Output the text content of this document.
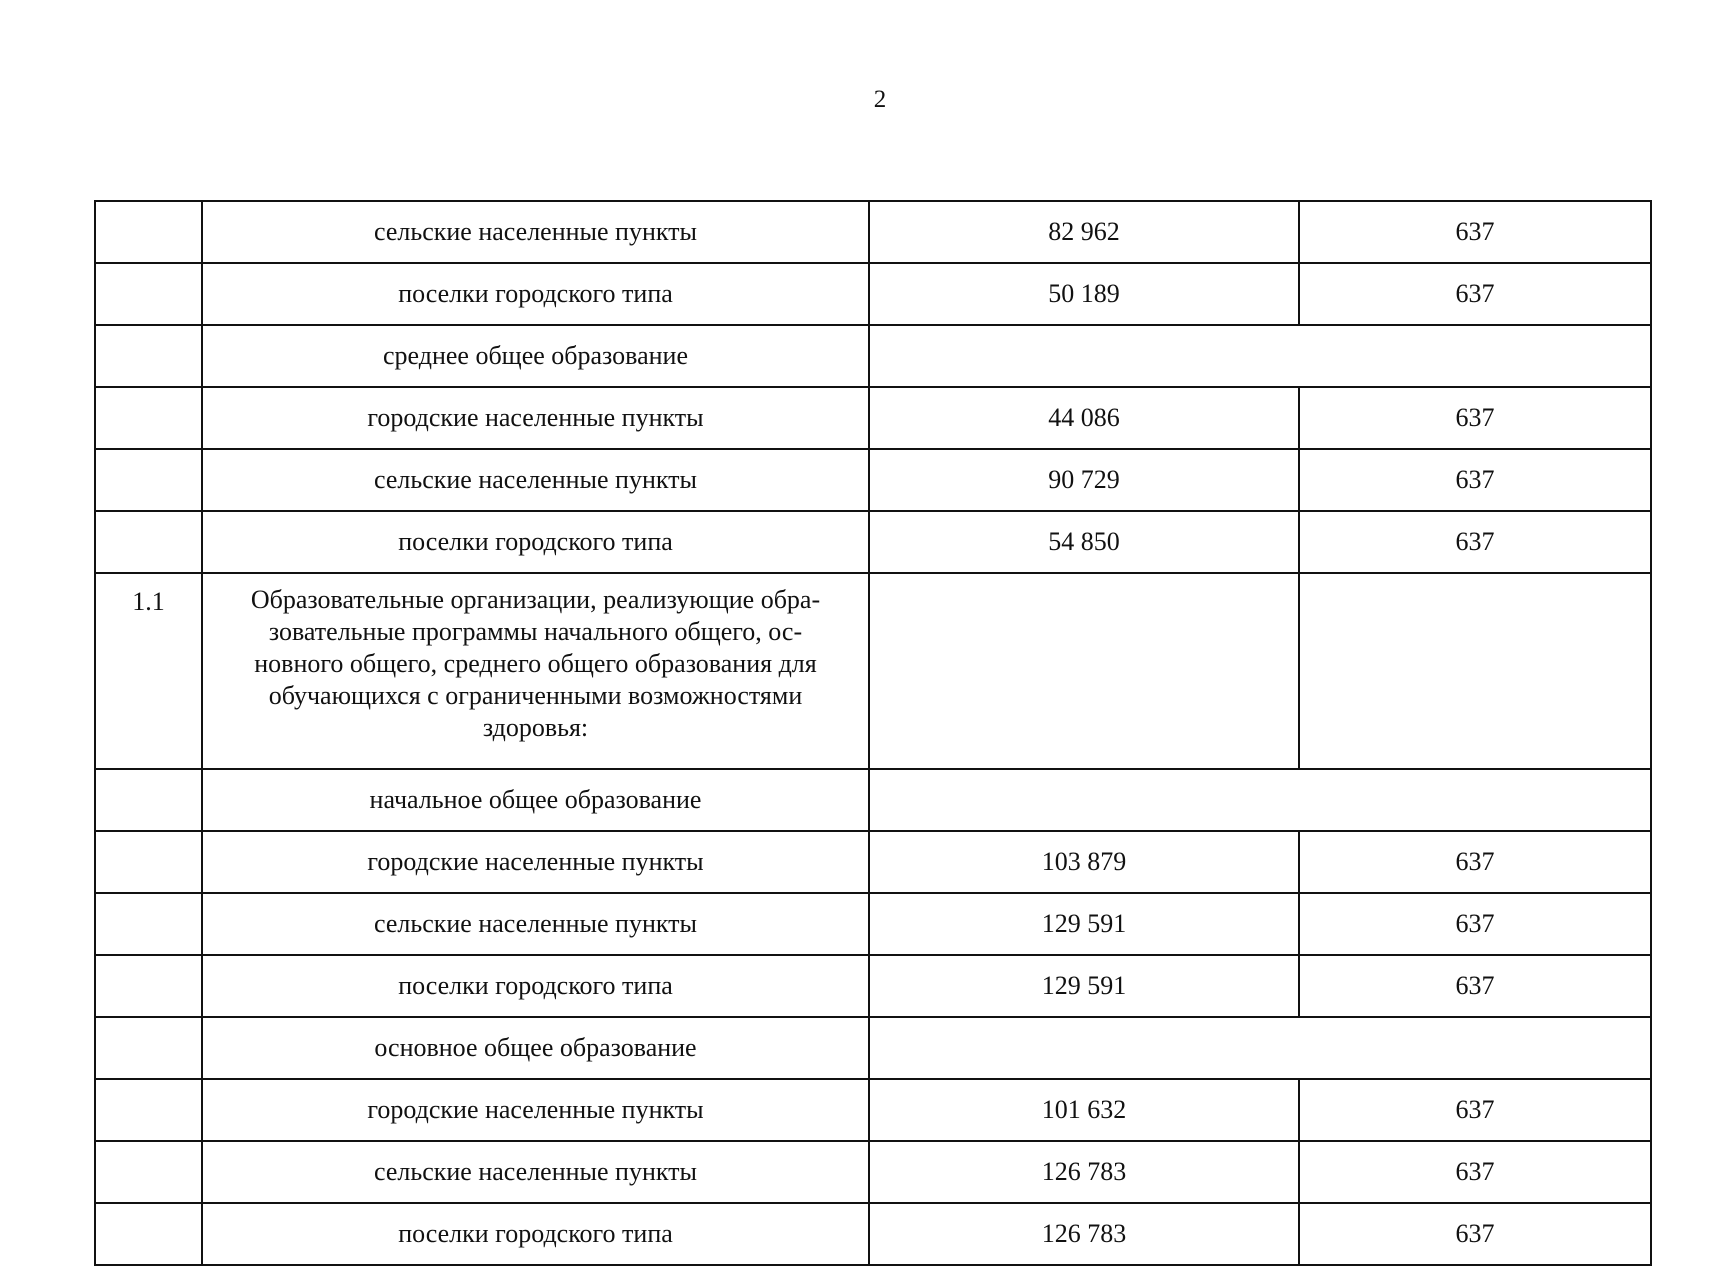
2
	сельские населенные пункты	82 962	637
	поселки городского типа	50 189	637
	среднее общее образование		
	городские населенные пункты	44 086	637
	сельские населенные пункты	90 729	637
	поселки городского типа	54 850	637
1.1	Образовательные организации, реализующие обра-
зовательные программы начального общего, ос-
новного общего, среднего общего образования для
обучающихся с ограниченными возможностями
здоровья:		
	начальное общее образование		
	городские населенные пункты	103 879	637
	сельские населенные пункты	129 591	637
	поселки городского типа	129 591	637
	основное общее образование		
	городские населенные пункты	101 632	637
	сельские населенные пункты	126 783	637
	поселки городского типа	126 783	637
